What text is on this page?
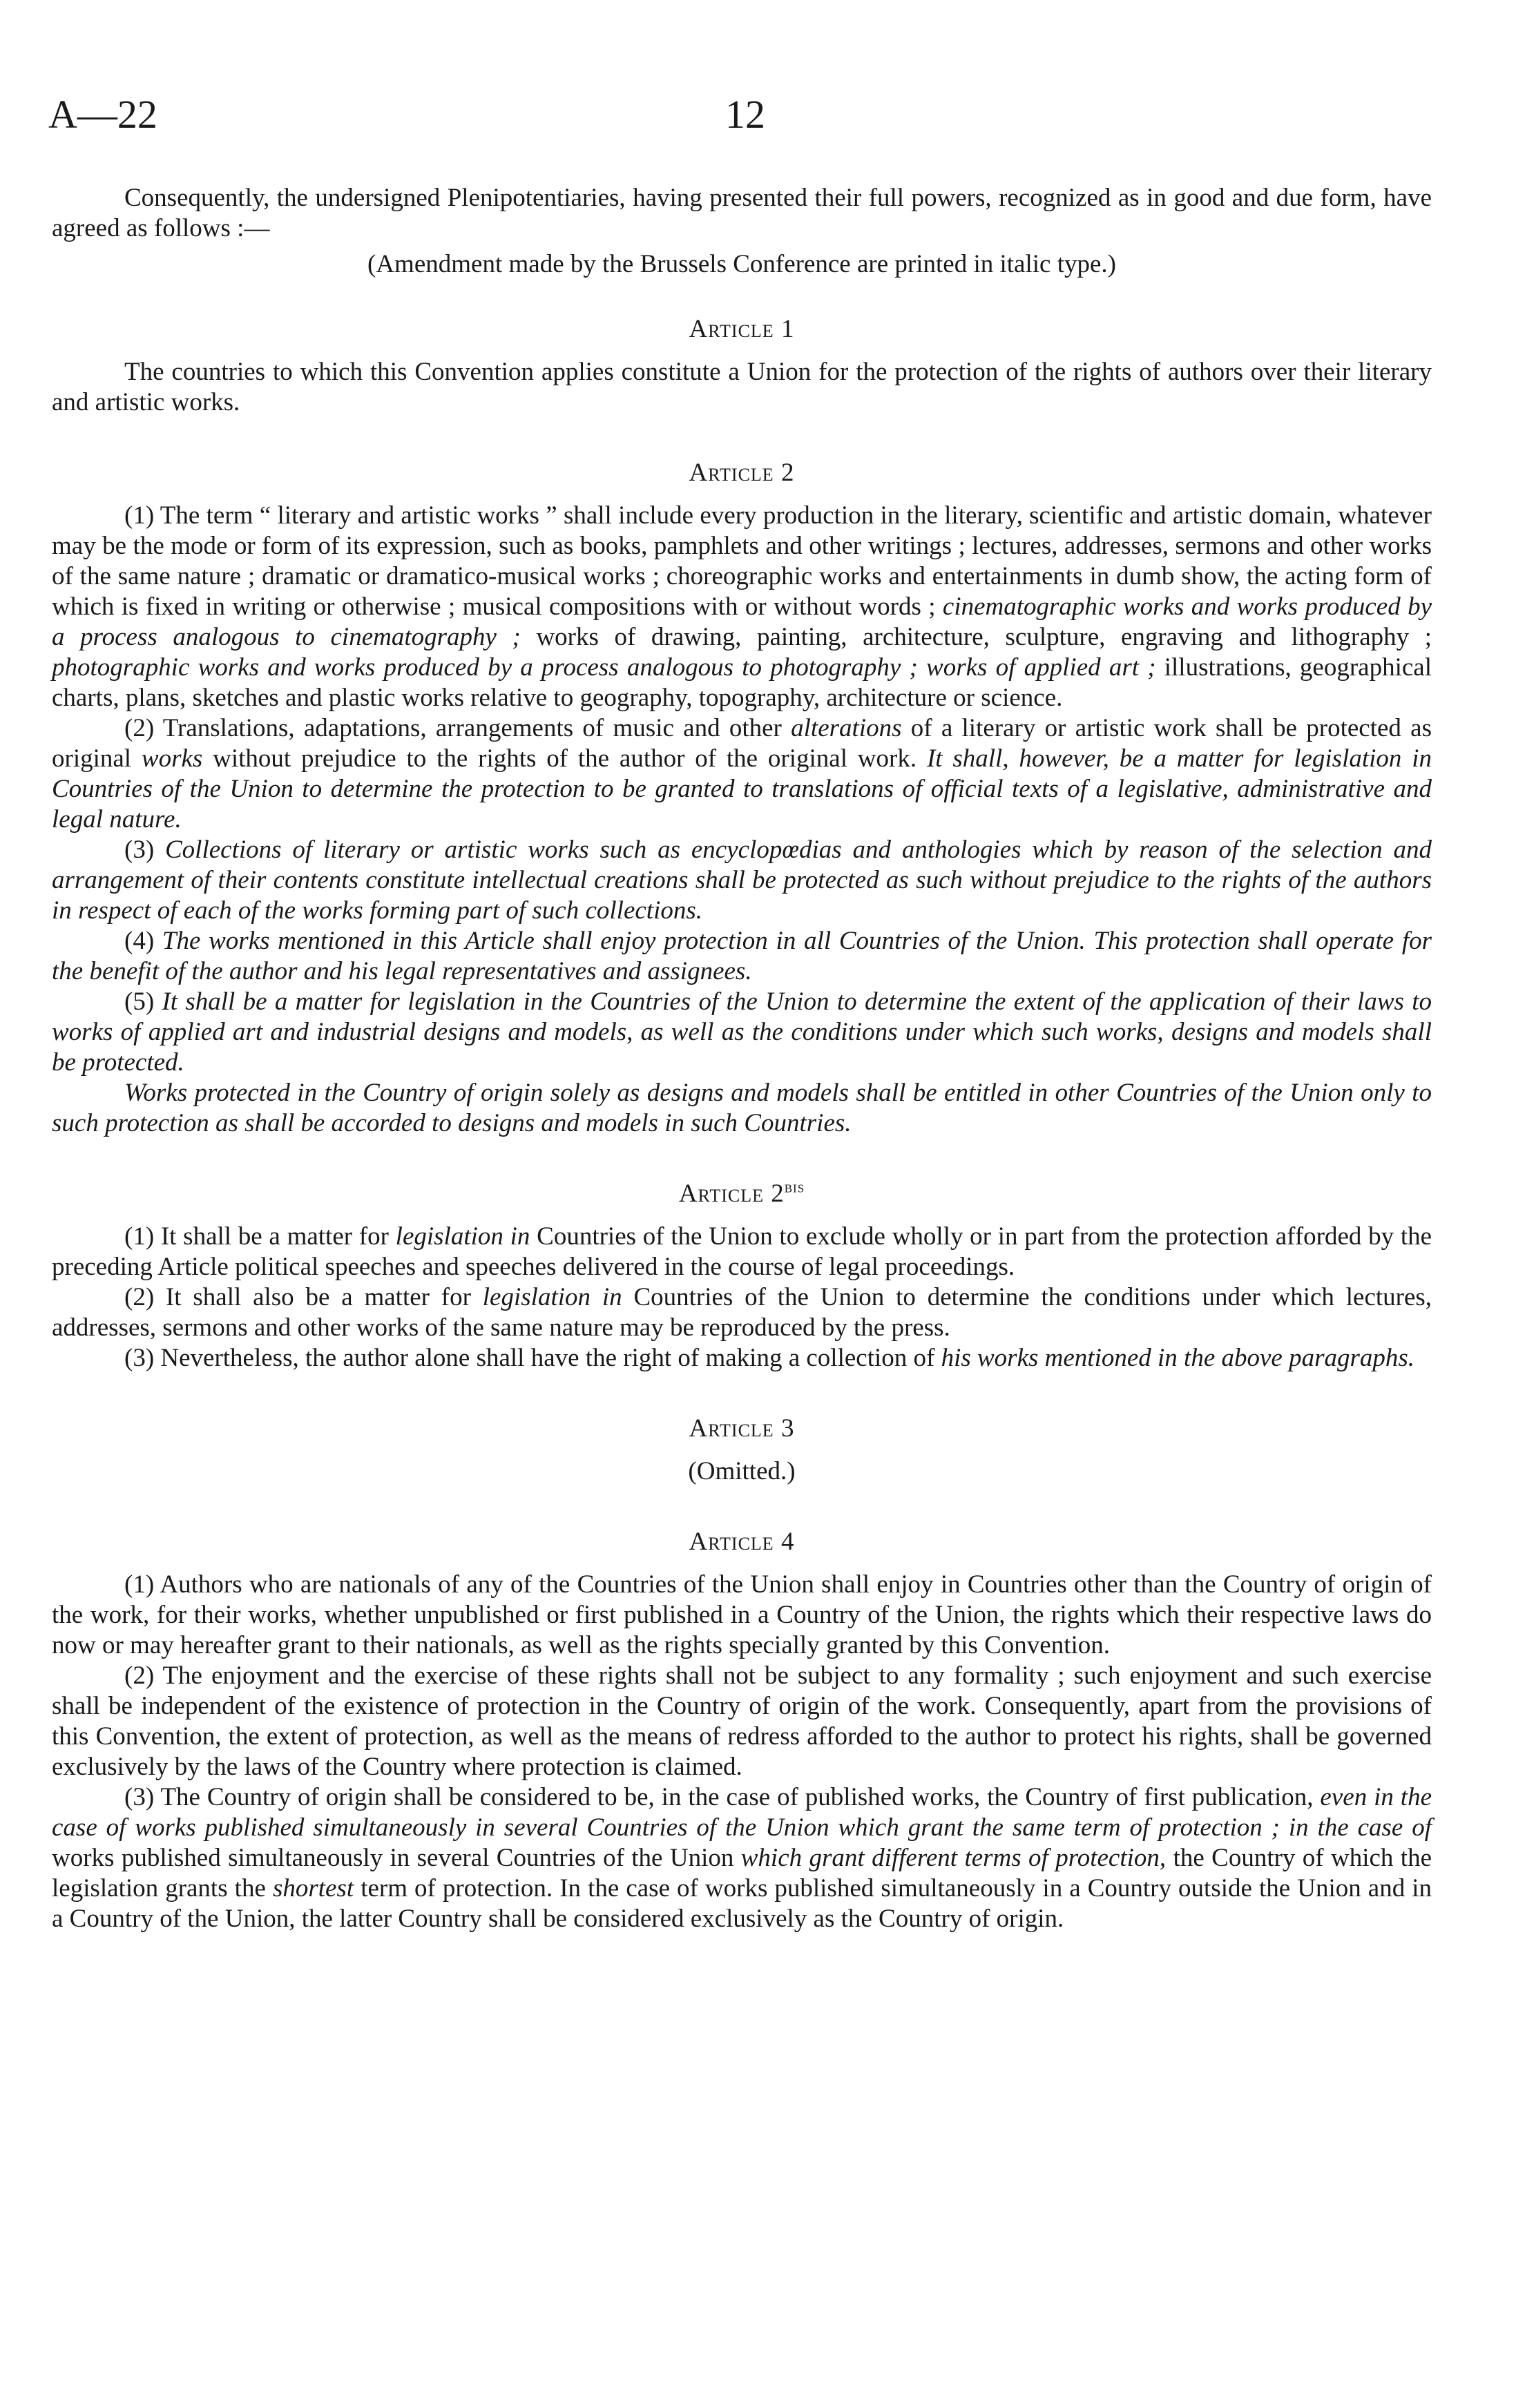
A—22	12

Consequently, the undersigned Plenipotentiaries, having presented their full powers, recognized as in good and due form, have agreed as follows :—

(Amendment made by the Brussels Conference are printed in italic type.)

Article 1

The countries to which this Convention applies constitute a Union for the protection of the rights of authors over their literary and artistic works.

Article 2

(1) The term “ literary and artistic works ” shall include every production in the literary, scientific and artistic domain, whatever may be the mode or form of its expression, such as books, pamphlets and other writings ; lectures, addresses, sermons and other works of the same nature ; dramatic or dramatico-musical works ; choreographic works and entertainments in dumb show, the acting form of which is fixed in writing or otherwise ; musical compositions with or without words ; cinematographic works and works produced by a process analogous to cinematography ; works of drawing, painting, architecture, sculpture, engraving and lithography ; photographic works and works produced by a process analogous to photography ; works of applied art ; illustrations, geographical charts, plans, sketches and plastic works relative to geography, topography, architecture or science.

(2) Translations, adaptations, arrangements of music and other alterations of a literary or artistic work shall be protected as original works without prejudice to the rights of the author of the original work. It shall, however, be a matter for legislation in Countries of the Union to determine the protection to be granted to translations of official texts of a legislative, administrative and legal nature.

(3) Collections of literary or artistic works such as encyclopœdias and anthologies which by reason of the selection and arrangement of their contents constitute intellectual creations shall be protected as such without prejudice to the rights of the authors in respect of each of the works forming part of such collections.

(4) The works mentioned in this Article shall enjoy protection in all Countries of the Union. This protection shall operate for the benefit of the author and his legal representatives and assignees.

(5) It shall be a matter for legislation in the Countries of the Union to determine the extent of the application of their laws to works of applied art and industrial designs and models, as well as the conditions under which such works, designs and models shall be protected.

Works protected in the Country of origin solely as designs and models shall be entitled in other Countries of the Union only to such protection as shall be accorded to designs and models in such Countries.

Article $2^{bis}$

(1) It shall be a matter for legislation in Countries of the Union to exclude wholly or in part from the protection afforded by the preceding Article political speeches and speeches delivered in the course of legal proceedings.

(2) It shall also be a matter for legislation in Countries of the Union to determine the conditions under which lectures, addresses, sermons and other works of the same nature may be reproduced by the press.

(3) Nevertheless, the author alone shall have the right of making a collection of his works mentioned in the above paragraphs.

Article 3

(Omitted.)

Article 4

(1) Authors who are nationals of any of the Countries of the Union shall enjoy in Countries other than the Country of origin of the work, for their works, whether unpublished or first published in a Country of the Union, the rights which their respective laws do now or may hereafter grant to their nationals, as well as the rights specially granted by this Convention.

(2) The enjoyment and the exercise of these rights shall not be subject to any formality ; such enjoyment and such exercise shall be independent of the existence of protection in the Country of origin of the work. Consequently, apart from the provisions of this Convention, the extent of protection, as well as the means of redress afforded to the author to protect his rights, shall be governed exclusively by the laws of the Country where protection is claimed.

(3) The Country of origin shall be considered to be, in the case of published works, the Country of first publication, even in the case of works published simultaneously in several Countries of the Union which grant the same term of protection ; in the case of works published simultaneously in several Countries of the Union which grant different terms of protection, the Country of which the legislation grants the shortest term of protection. In the case of works published simultaneously in a Country outside the Union and in a Country of the Union, the latter Country shall be considered exclusively as the Country of origin.
